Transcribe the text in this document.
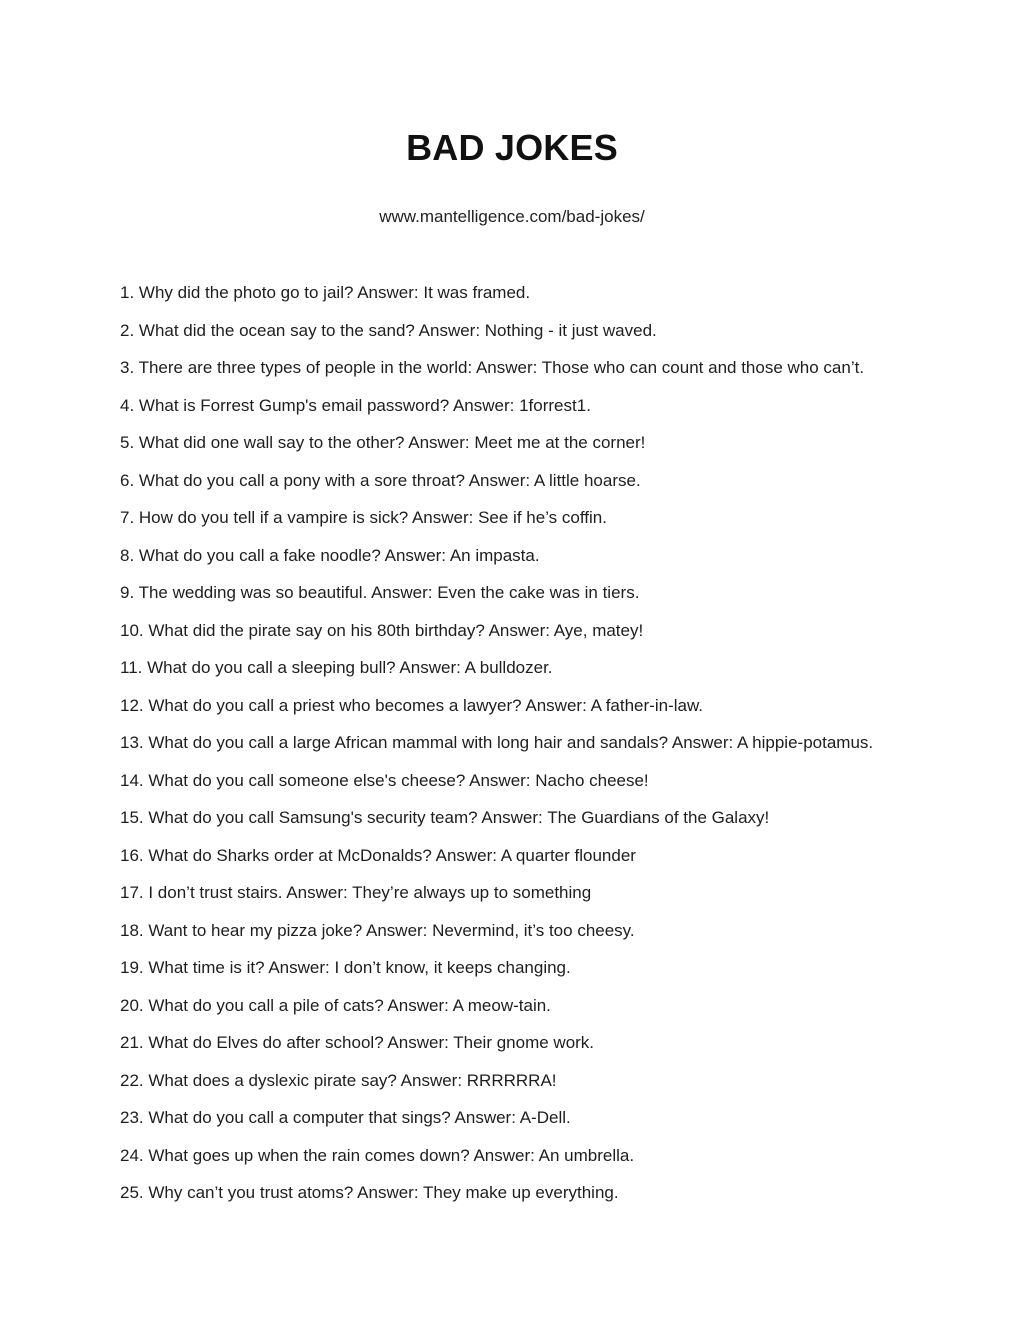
BAD JOKES
www.mantelligence.com/bad-jokes/
1. Why did the photo go to jail? Answer: It was framed.
2. What did the ocean say to the sand? Answer: Nothing - it just waved.
3. There are three types of people in the world: Answer: Those who can count and those who can’t.
4. What is Forrest Gump's email password? Answer: 1forrest1.
5. What did one wall say to the other? Answer: Meet me at the corner!
6. What do you call a pony with a sore throat? Answer: A little hoarse.
7. How do you tell if a vampire is sick? Answer: See if he’s coffin.
8. What do you call a fake noodle? Answer: An impasta.
9. The wedding was so beautiful. Answer: Even the cake was in tiers.
10. What did the pirate say on his 80th birthday? Answer: Aye, matey!
11. What do you call a sleeping bull? Answer: A bulldozer.
12. What do you call a priest who becomes a lawyer? Answer: A father-in-law.
13. What do you call a large African mammal with long hair and sandals? Answer: A hippie-potamus.
14. What do you call someone else's cheese? Answer: Nacho cheese!
15. What do you call Samsung's security team? Answer: The Guardians of the Galaxy!
16. What do Sharks order at McDonalds? Answer: A quarter flounder
17. I don’t trust stairs. Answer: They’re always up to something
18. Want to hear my pizza joke? Answer: Nevermind, it’s too cheesy.
19. What time is it? Answer: I don’t know, it keeps changing.
20. What do you call a pile of cats? Answer: A meow-tain.
21. What do Elves do after school? Answer: Their gnome work.
22. What does a dyslexic pirate say? Answer: RRRRRRA!
23. What do you call a computer that sings? Answer: A-Dell.
24. What goes up when the rain comes down? Answer: An umbrella.
25. Why can’t you trust atoms? Answer: They make up everything.
